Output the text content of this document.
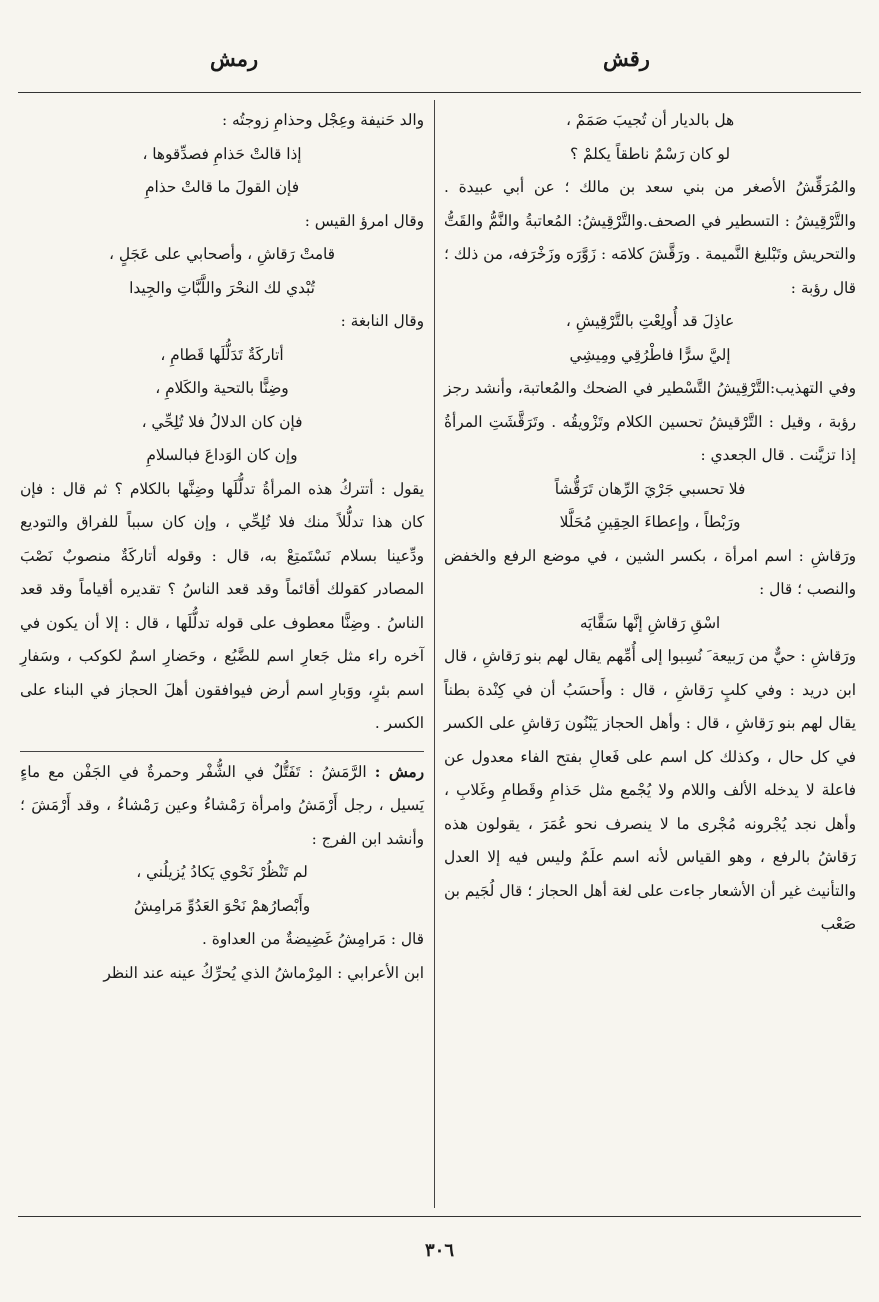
رقش
رمش

هل بالديار أن تُجيبَ صَمَمْ ،

لو كان رَسْمٌ ناطقاً يكلمْ ؟

والمُرَقِّشُ الأصغر من بني سعد بن مالك ؛ عن أبي عبيدة . والتَّرْقِيشُ : التسطير في الصحف.والتَّرْقِيشُ: المُعاتبةُ والنَّمُّ والقَتُّ والتحريش وتَبْليغ النَّميمة . ورَقَّشَ كلامَه : زَوَّرَه وزَخْرَفه، من ذلك ؛ قال رؤبة :

عاذِلَ قد أُولِعْتِ بالتَّرْقِيشِ ،

إليَّ سرًّا فاطْرُقِي ومِيشِي

وفي التهذيب:التَّرْقِيشُ التَّسْطير في الضحك والمُعاتبة، وأنشد رجز رؤبة ، وقيل : التَّرْقيشُ تحسين الكلام وتَزْويقُه . وتَرَقَّشَتِ المرأةُ إذا تزيَّنت . قال الجعدي :

فلا تحسبي جَرْيَ الرِّهان تَرَقُّشاً

ورَبْطاً ، وإعطاءَ الحِقِينِ مُحَلَّلا

ورَقاشِ : اسم امرأة ، بكسر الشين ، في موضع الرفع والخفض والنصب ؛ قال :

اسْقِ رَقاشِ إنَّها سَقَّايَه

ورَقاشِ : حيٌّ من رَبيعة َ نُسِبوا إلى أُمِّهم يقال لهم بنو رَقاشِ ، قال ابن دريد : وفي كلبٍ رَقاشِ ، قال : وأَحسَبُ أن في كِنْدة بطناً يقال لهم بنو رَقاشِ ، قال : وأهل الحجاز يَبْنُون رَقاشِ على الكسر في كل حال ، وكذلك كل اسم على فَعالِ بفتح الفاء معدول عن فاعلة لا يدخله الألف واللام ولا يُجْمع مثل حَذامِ وقَطامِ وغَلابِ ، وأهل نجد يُجْرونه مُجْرى ما لا ينصرف نحو عُمَرَ ، يقولون هذه رَقاشُ بالرفع ، وهو القياس لأنه اسم علَمٌ وليس فيه إلا العدل والتأنيث غير أن الأشعار جاءت على لغة أهل الحجاز ؛ قال لُجَيم بن صَعْب

والد حَنيفة وعِجْل وحذامِ زوجتُه :

إذا قالتْ حَذامِ فصدِّقوها ،

فإن القولَ ما قالتْ حذامِ

وقال امرؤ القيس :

قامتْ رَقاشِ ، وأصحابي على عَجَلٍ ،

تُبْدي لك النحْرَ واللَّبَّاتِ والجِيدا

وقال النابغة :

أتاركَةٌ تَدَلُّلَها قَطامِ ،

وضِنًّا بالتحية والكَلامِ ،

فإن كان الدلالُ فلا تُلِحِّي ،

وإن كان الوَداعَ فبالسلامِ

يقول : أتتركُ هذه المرأةُ تدلُّلَها وضِنَّها بالكلام ؟ ثم قال : فإن كان هذا تدلُّلاً منك فلا تُلِحِّي ، وإن كان سبباً للفراق والتوديع ودِّعينا بسلام نَسْتَمتِعْ به، قال : وقوله أتاركَةٌ منصوبٌ نَصْبَ المصادر كقولك أقائماً وقد قعد الناسُ ؟ تقديره أقياماً وقد قعد الناسُ . وضِنًّا معطوف على قوله تدلُّلَها ، قال : إلا أن يكون في آخره راء مثل جَعارِ اسم للضَّبُع ، وحَضارِ اسمٌ لكوكب ، وسَفارِ اسم بئرٍ، ووَبارِ اسم أرض فيوافقون أهلَ الحجاز في البناء على الكسر .

رمش : الرَّمَشُ : تَفَتُّلٌ في الشُّفْر وحمرةٌ في الجَفْن مع ماءٍ يَسيل ، رجل أَرْمَشُ وامرأة رَمْشاءُ وعين رَمْشاءُ ، وقد أَرْمَشَ ؛ وأنشد ابن الفرج :

لم تَنْظُرْ نَحْوي يَكادُ يُزيلُني ،

وأَبْصارُهمْ نَحْوَ العَدُوِّ مَرامِشُ

قال : مَرامِشُ غَضِيضةٌ من العداوة .

ابن الأعرابي : المِرْماشُ الذي يُحرِّكُ عينه عند النظر

٣٠٦
